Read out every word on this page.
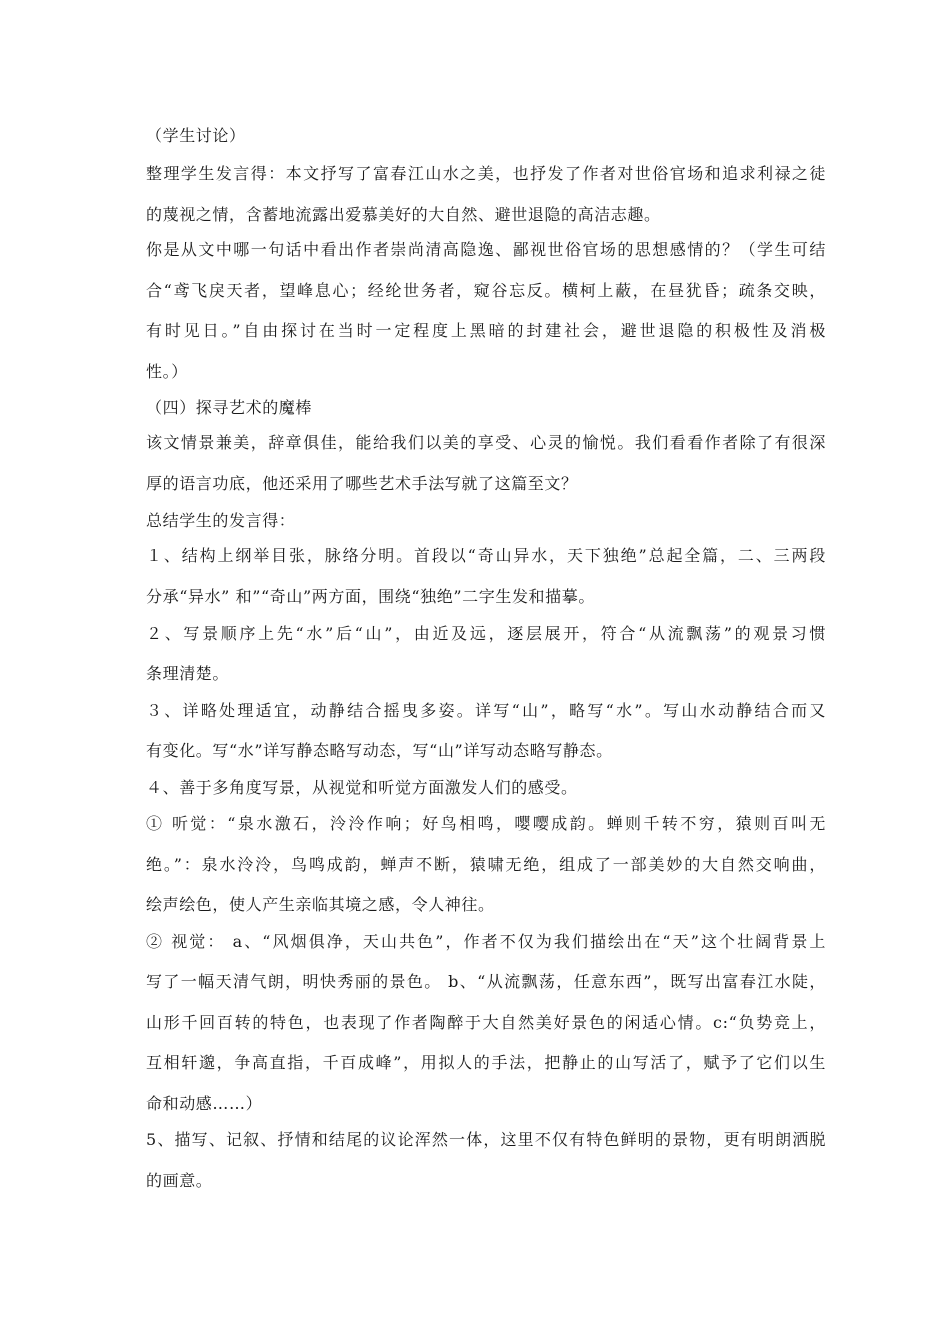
（学生讨论）
整理学生发言得：本文抒写了富春江山水之美，也抒发了作者对世俗官场和追求利禄之徒
的蔑视之情，含蓄地流露出爱慕美好的大自然、避世退隐的高洁志趣。
你是从文中哪一句话中看出作者崇尚清高隐逸、鄙视世俗官场的思想感情的？（学生可结
合“鸢飞戾天者，望峰息心；经纶世务者，窥谷忘反。横柯上蔽，在昼犹昏；疏条交映，
有时见日。”自由探讨在当时一定程度上黑暗的封建社会，避世退隐的积极性及消极
性。）
（四）探寻艺术的魔棒
该文情景兼美，辞章俱佳，能给我们以美的享受、心灵的愉悦。我们看看作者除了有很深
厚的语言功底，他还采用了哪些艺术手法写就了这篇至文？
总结学生的发言得：
１、结构上纲举目张，脉络分明。首段以“奇山异水，天下独绝”总起全篇，二、三两段
分承“异水” 和”“奇山”两方面，围绕“独绝”二字生发和描摹。
２、写景顺序上先“水”后“山”，由近及远，逐层展开，符合“从流飘荡”的观景习惯
条理清楚。
３、详略处理适宜，动静结合摇曳多姿。详写“山”，略写“水”。写山水动静结合而又
有变化。写“水”详写静态略写动态，写“山”详写动态略写静态。
４、善于多角度写景，从视觉和听觉方面激发人们的感受。
① 听觉：“泉水激石，泠泠作响；好鸟相鸣，嘤嘤成韵。蝉则千转不穷，猿则百叫无
绝。”：泉水泠泠，鸟鸣成韵，蝉声不断，猿啸无绝，组成了一部美妙的大自然交响曲，
绘声绘色，使人产生亲临其境之感，令人神往。
② 视觉： a、“风烟俱净，天山共色”，作者不仅为我们描绘出在“天”这个壮阔背景上
写了一幅天清气朗，明快秀丽的景色。 b、“从流飘荡，任意东西”，既写出富春江水陡，
山形千回百转的特色，也表现了作者陶醉于大自然美好景色的闲适心情。c:“负势竞上，
互相轩邈，争高直指，千百成峰”，用拟人的手法，把静止的山写活了，赋予了它们以生
命和动感……）
5、描写、记叙、抒情和结尾的议论浑然一体，这里不仅有特色鲜明的景物，更有明朗洒脱
的画意。
